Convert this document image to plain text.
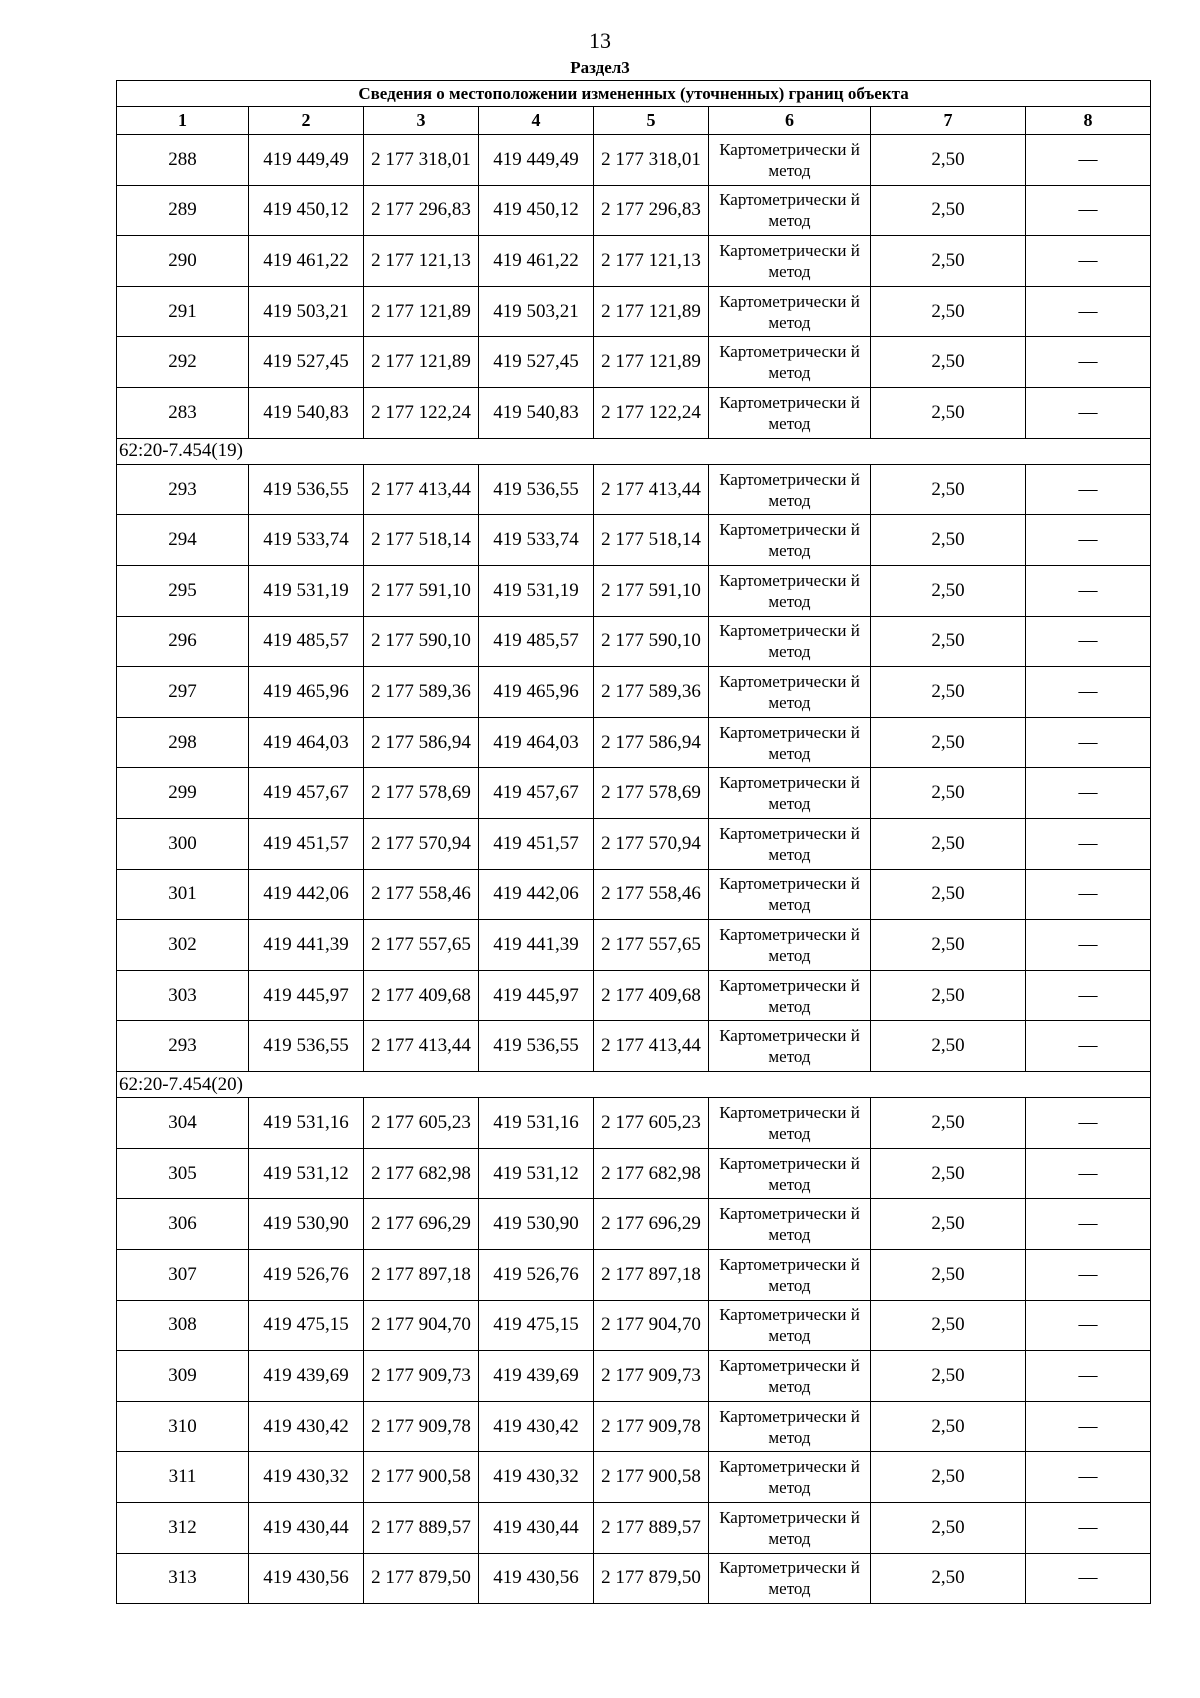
13
Раздел3
Сведения о местоположении измененных (уточненных) границ объекта							
1	2	3	4	5	6	7	8
288	419 449,49	2 177 318,01	419 449,49	2 177 318,01	Картометрически й метод	2,50	—
289	419 450,12	2 177 296,83	419 450,12	2 177 296,83	Картометрически й метод	2,50	—
290	419 461,22	2 177 121,13	419 461,22	2 177 121,13	Картометрически й метод	2,50	—
291	419 503,21	2 177 121,89	419 503,21	2 177 121,89	Картометрически й метод	2,50	—
292	419 527,45	2 177 121,89	419 527,45	2 177 121,89	Картометрически й метод	2,50	—
283	419 540,83	2 177 122,24	419 540,83	2 177 122,24	Картометрически й метод	2,50	—
62:20-7.454(19)							
293	419 536,55	2 177 413,44	419 536,55	2 177 413,44	Картометрически й метод	2,50	—
294	419 533,74	2 177 518,14	419 533,74	2 177 518,14	Картометрически й метод	2,50	—
295	419 531,19	2 177 591,10	419 531,19	2 177 591,10	Картометрически й метод	2,50	—
296	419 485,57	2 177 590,10	419 485,57	2 177 590,10	Картометрически й метод	2,50	—
297	419 465,96	2 177 589,36	419 465,96	2 177 589,36	Картометрически й метод	2,50	—
298	419 464,03	2 177 586,94	419 464,03	2 177 586,94	Картометрически й метод	2,50	—
299	419 457,67	2 177 578,69	419 457,67	2 177 578,69	Картометрически й метод	2,50	—
300	419 451,57	2 177 570,94	419 451,57	2 177 570,94	Картометрически й метод	2,50	—
301	419 442,06	2 177 558,46	419 442,06	2 177 558,46	Картометрически й метод	2,50	—
302	419 441,39	2 177 557,65	419 441,39	2 177 557,65	Картометрически й метод	2,50	—
303	419 445,97	2 177 409,68	419 445,97	2 177 409,68	Картометрически й метод	2,50	—
293	419 536,55	2 177 413,44	419 536,55	2 177 413,44	Картометрически й метод	2,50	—
62:20-7.454(20)							
304	419 531,16	2 177 605,23	419 531,16	2 177 605,23	Картометрически й метод	2,50	—
305	419 531,12	2 177 682,98	419 531,12	2 177 682,98	Картометрически й метод	2,50	—
306	419 530,90	2 177 696,29	419 530,90	2 177 696,29	Картометрически й метод	2,50	—
307	419 526,76	2 177 897,18	419 526,76	2 177 897,18	Картометрически й метод	2,50	—
308	419 475,15	2 177 904,70	419 475,15	2 177 904,70	Картометрически й метод	2,50	—
309	419 439,69	2 177 909,73	419 439,69	2 177 909,73	Картометрически й метод	2,50	—
310	419 430,42	2 177 909,78	419 430,42	2 177 909,78	Картометрически й метод	2,50	—
311	419 430,32	2 177 900,58	419 430,32	2 177 900,58	Картометрически й метод	2,50	—
312	419 430,44	2 177 889,57	419 430,44	2 177 889,57	Картометрически й метод	2,50	—
313	419 430,56	2 177 879,50	419 430,56	2 177 879,50	Картометрически й метод	2,50	—
